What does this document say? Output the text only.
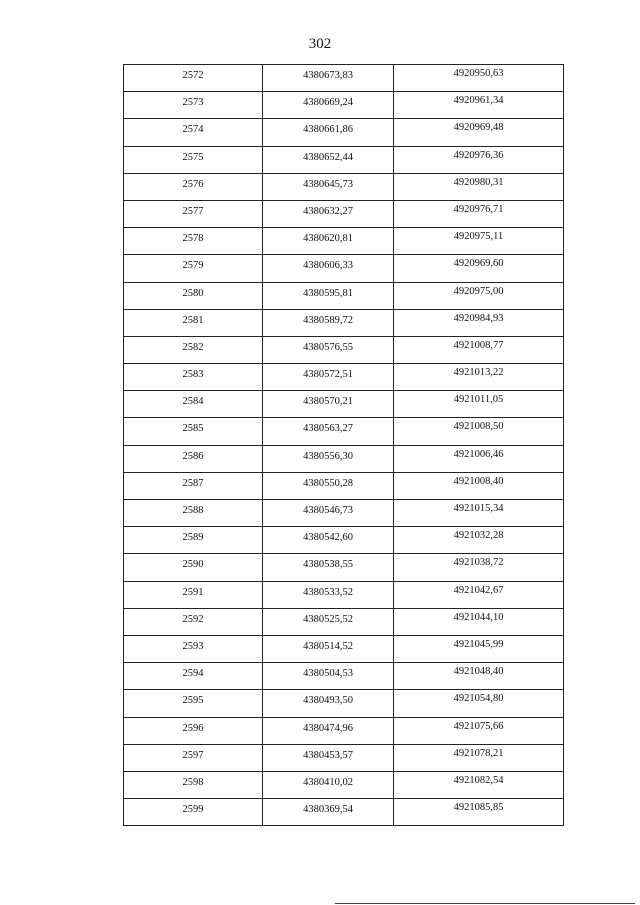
302
2572	4380673,83	4920950,63

2573	4380669,24	4920961,34

2574	4380661,86	4920969,48

2575	4380652,44	4920976,36

2576	4380645,73	4920980,31

2577	4380632,27	4920976,71

2578	4380620,81	4920975,11

2579	4380606,33	4920969,60

2580	4380595,81	4920975,00

2581	4380589,72	4920984,93

2582	4380576,55	4921008,77

2583	4380572,51	4921013,22

2584	4380570,21	4921011,05

2585	4380563,27	4921008,50

2586	4380556,30	4921006,46

2587	4380550,28	4921008,40

2588	4380546,73	4921015,34

2589	4380542,60	4921032,28

2590	4380538,55	4921038,72

2591	4380533,52	4921042,67

2592	4380525,52	4921044,10

2593	4380514,52	4921045,99

2594	4380504,53	4921048,40

2595	4380493,50	4921054,80

2596	4380474,96	4921075,66

2597	4380453,57	4921078,21

2598	4380410,02	4921082,54

2599	4380369,54	4921085,85
